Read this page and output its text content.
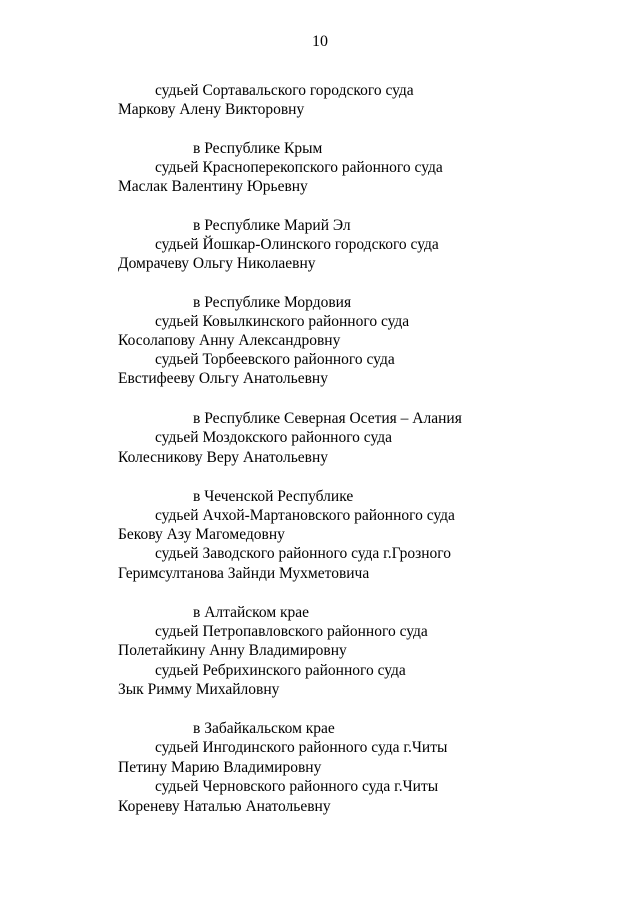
10
судьей Сортавальского городского суда
Маркову Алену Викторовну
в Республике Крым
судьей Красноперекопского районного суда
Маслак Валентину Юрьевну
в Республике Марий Эл
судьей Йошкар-Олинского городского суда
Домрачеву Ольгу Николаевну
в Республике Мордовия
судьей Ковылкинского районного суда
Косолапову Анну Александровну
судьей Торбеевского районного суда
Евстифееву Ольгу Анатольевну
в Республике Северная Осетия – Алания
судьей Моздокского районного суда
Колесникову Веру Анатольевну
в Чеченской Республике
судьей Ачхой-Мартановского районного суда
Бекову Азу Магомедовну
судьей Заводского районного суда г.Грозного
Геримсултанова Зайнди Мухметовича
в Алтайском крае
судьей Петропавловского районного суда
Полетайкину Анну Владимировну
судьей Ребрихинского районного суда
Зык Римму Михайловну
в Забайкальском крае
судьей Ингодинского районного суда г.Читы
Петину Марию Владимировну
судьей Черновского районного суда г.Читы
Кореневу Наталью Анатольевну
